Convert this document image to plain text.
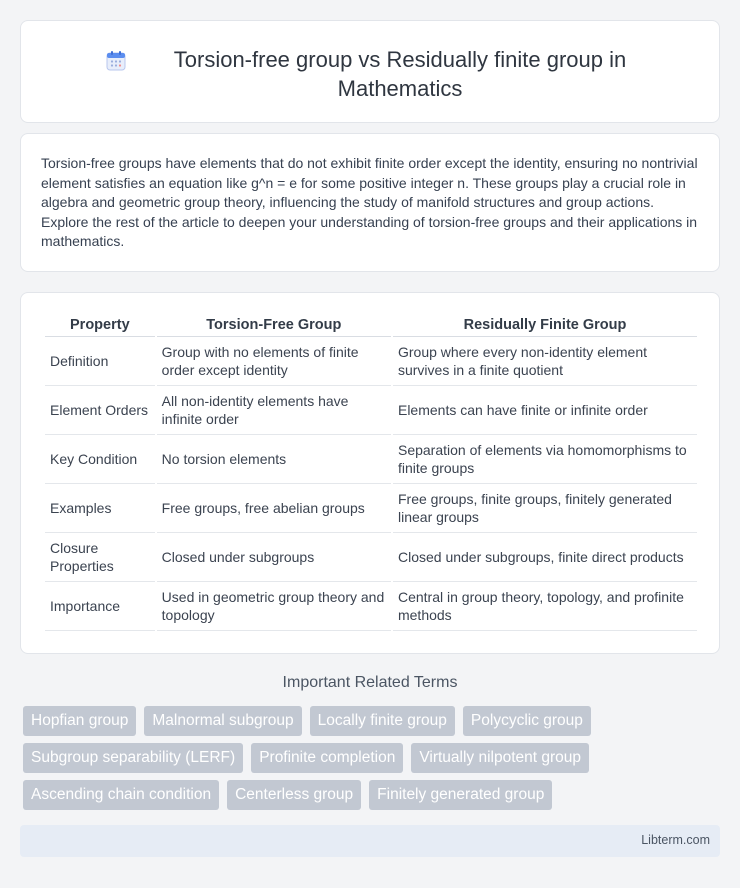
Torsion-free group vs Residually finite group in
Mathematics

Torsion-free groups have elements that do not exhibit finite order except the identity, ensuring no nontrivial element satisfies an equation like g^n = e for some positive integer n. These groups play a crucial role in algebra and geometric group theory, influencing the study of manifold structures and group actions. Explore the rest of the article to deepen your understanding of torsion-free groups and their applications in mathematics.

Property	Torsion-Free Group	Residually Finite Group
Definition	Group with no elements of finite order except identity	Group where every non-identity element survives in a finite quotient
Element Orders	All non-identity elements have infinite order	Elements can have finite or infinite order
Key Condition	No torsion elements	Separation of elements via homomorphisms to finite groups
Examples	Free groups, free abelian groups	Free groups, finite groups, finitely generated linear groups
Closure Properties	Closed under subgroups	Closed under subgroups, finite direct products
Importance	Used in geometric group theory and topology	Central in group theory, topology, and profinite methods
Important Related Terms
Hopfian group	Malnormal subgroup	Locally finite group	Polycyclic group
Subgroup separability (LERF)	Profinite completion	Virtually nilpotent group
Ascending chain condition	Centerless group	Finitely generated group
Libterm.com
